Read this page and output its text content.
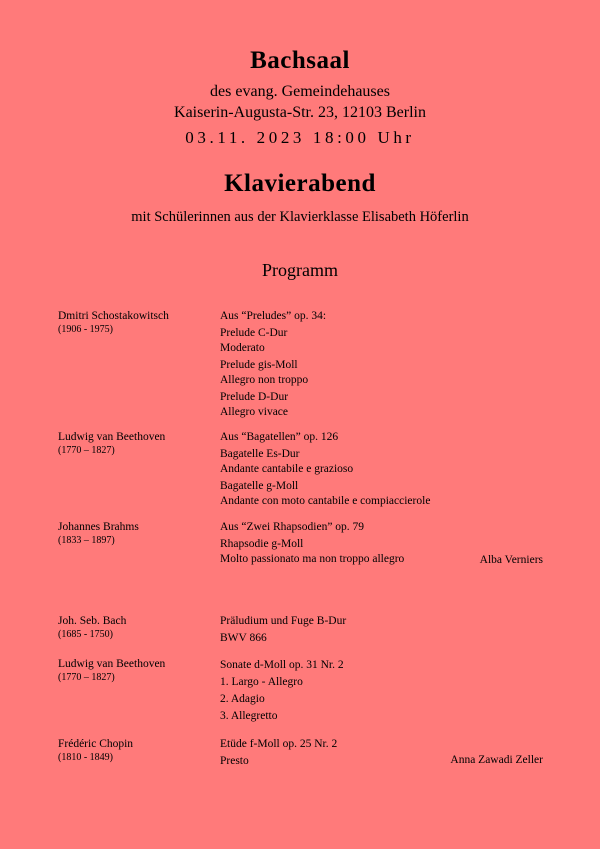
Bachsaal
des evang. Gemeindehauses
Kaiserin-Augusta-Str. 23, 12103 Berlin
03.11. 2023 18:00 Uhr
Klavierabend
mit Schülerinnen aus der Klavierklasse Elisabeth Höferlin
Programm
Dmitri Schostakowitsch
(1906 - 1975)
Aus “Preludes” op. 34:
Prelude C-Dur
Moderato
Prelude gis-Moll
Allegro non troppo
Prelude D-Dur
Allegro vivace
Ludwig van Beethoven
(1770 – 1827)
Aus “Bagatellen” op. 126
Bagatelle Es-Dur
Andante cantabile e grazioso
Bagatelle g-Moll
Andante con moto cantabile e compiaccierole
Johannes Brahms
(1833 – 1897)
Aus “Zwei Rhapsodien” op. 79
Rhapsodie g-Moll
Molto passionato ma non troppo allegro	Alba Verniers
Joh. Seb. Bach
(1685 - 1750)
Präludium und Fuge B-Dur
BWV 866
Ludwig van Beethoven
(1770 – 1827)
Sonate d-Moll op. 31 Nr. 2
1. Largo - Allegro
2. Adagio
3. Allegretto
Frédéric Chopin
(1810 - 1849)
Etüde f-Moll op. 25 Nr. 2
Presto	Anna Zawadi Zeller
